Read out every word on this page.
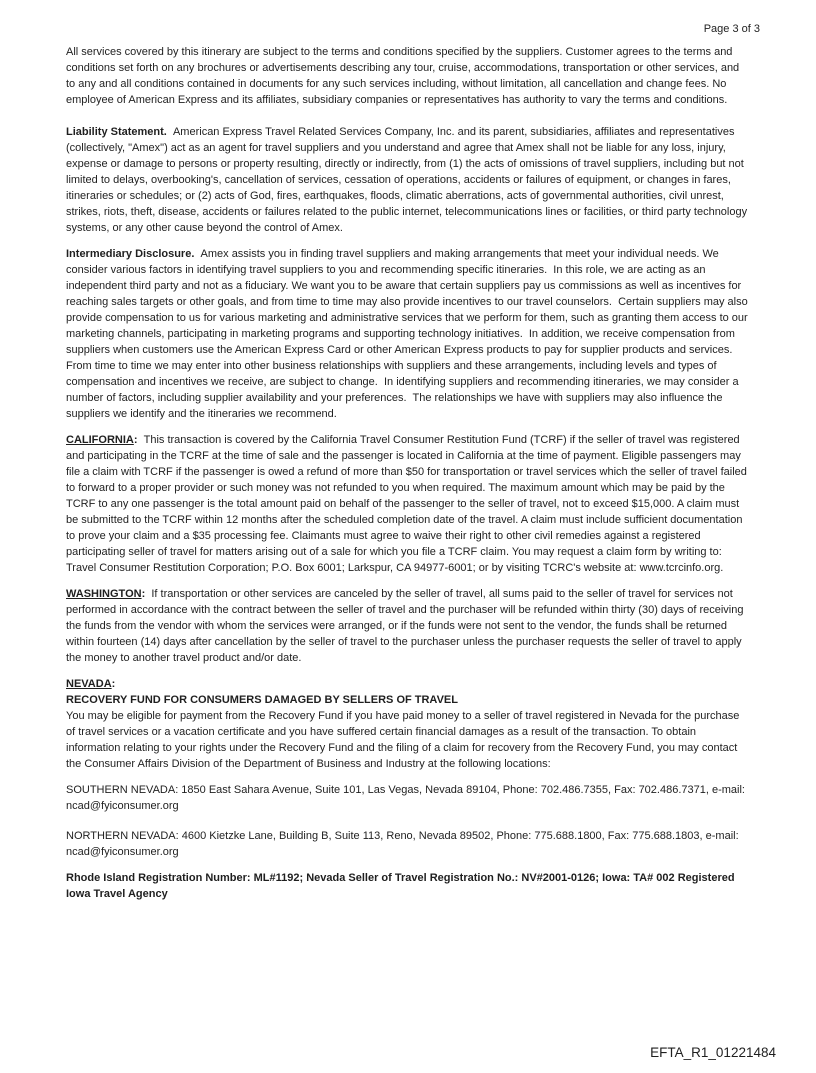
Page 3 of 3

All services covered by this itinerary are subject to the terms and conditions specified by the suppliers. Customer agrees to the terms and conditions set forth on any brochures or advertisements describing any tour, cruise, accommodations, transportation or other services, and to any and all conditions contained in documents for any such services including, without limitation, all cancellation and change fees. No employee of American Express and its affiliates, subsidiary companies or representatives has authority to vary the terms and conditions.

Liability Statement.  American Express Travel Related Services Company, Inc. and its parent, subsidiaries, affiliates and representatives (collectively, "Amex") act as an agent for travel suppliers and you understand and agree that Amex shall not be liable for any loss, injury, expense or damage to persons or property resulting, directly or indirectly, from (1) the acts of omissions of travel suppliers, including but not limited to delays, overbooking's, cancellation of services, cessation of operations, accidents or failures of equipment, or changes in fares, itineraries or schedules; or (2) acts of God, fires, earthquakes, floods, climatic aberrations, acts of governmental authorities, civil unrest, strikes, riots, theft, disease, accidents or failures related to the public internet, telecommunications lines or facilities, or third party technology systems, or any other cause beyond the control of Amex.

Intermediary Disclosure.  Amex assists you in finding travel suppliers and making arrangements that meet your individual needs. We consider various factors in identifying travel suppliers to you and recommending specific itineraries.  In this role, we are acting as an independent third party and not as a fiduciary. We want you to be aware that certain suppliers pay us commissions as well as incentives for reaching sales targets or other goals, and from time to time may also provide incentives to our travel counselors.  Certain suppliers may also provide compensation to us for various marketing and administrative services that we perform for them, such as granting them access to our marketing channels, participating in marketing programs and supporting technology initiatives.  In addition, we receive compensation from suppliers when customers use the American Express Card or other American Express products to pay for supplier products and services. From time to time we may enter into other business relationships with suppliers and these arrangements, including levels and types of compensation and incentives we receive, are subject to change.  In identifying suppliers and recommending itineraries, we may consider a number of factors, including supplier availability and your preferences.  The relationships we have with suppliers may also influence the suppliers we identify and the itineraries we recommend.

CALIFORNIA:  This transaction is covered by the California Travel Consumer Restitution Fund (TCRF) if the seller of travel was registered and participating in the TCRF at the time of sale and the passenger is located in California at the time of payment. Eligible passengers may file a claim with TCRF if the passenger is owed a refund of more than $50 for transportation or travel services which the seller of travel failed to forward to a proper provider or such money was not refunded to you when required. The maximum amount which may be paid by the TCRF to any one passenger is the total amount paid on behalf of the passenger to the seller of travel, not to exceed $15,000. A claim must be submitted to the TCRF within 12 months after the scheduled completion date of the travel. A claim must include sufficient documentation to prove your claim and a $35 processing fee. Claimants must agree to waive their right to other civil remedies against a registered participating seller of travel for matters arising out of a sale for which you file a TCRF claim. You may request a claim form by writing to: Travel Consumer Restitution Corporation; P.O. Box 6001; Larkspur, CA 94977-6001; or by visiting TCRC's website at: www.tcrcinfo.org.

WASHINGTON:  If transportation or other services are canceled by the seller of travel, all sums paid to the seller of travel for services not performed in accordance with the contract between the seller of travel and the purchaser will be refunded within thirty (30) days of receiving the funds from the vendor with whom the services were arranged, or if the funds were not sent to the vendor, the funds shall be returned within fourteen (14) days after cancellation by the seller of travel to the purchaser unless the purchaser requests the seller of travel to apply the money to another travel product and/or date.

NEVADA:
RECOVERY FUND FOR CONSUMERS DAMAGED BY SELLERS OF TRAVEL
You may be eligible for payment from the Recovery Fund if you have paid money to a seller of travel registered in Nevada for the purchase of travel services or a vacation certificate and you have suffered certain financial damages as a result of the transaction. To obtain information relating to your rights under the Recovery Fund and the filing of a claim for recovery from the Recovery Fund, you may contact the Consumer Affairs Division of the Department of Business and Industry at the following locations:

SOUTHERN NEVADA: 1850 East Sahara Avenue, Suite 101, Las Vegas, Nevada 89104, Phone: 702.486.7355, Fax: 702.486.7371, e-mail: ncad@fyiconsumer.org

NORTHERN NEVADA: 4600 Kietzke Lane, Building B, Suite 113, Reno, Nevada 89502, Phone: 775.688.1800, Fax: 775.688.1803, e-mail: ncad@fyiconsumer.org

Rhode Island Registration Number: ML#1192; Nevada Seller of Travel Registration No.: NV#2001-0126; Iowa: TA# 002 Registered Iowa Travel Agency

EFTA_R1_01221484
